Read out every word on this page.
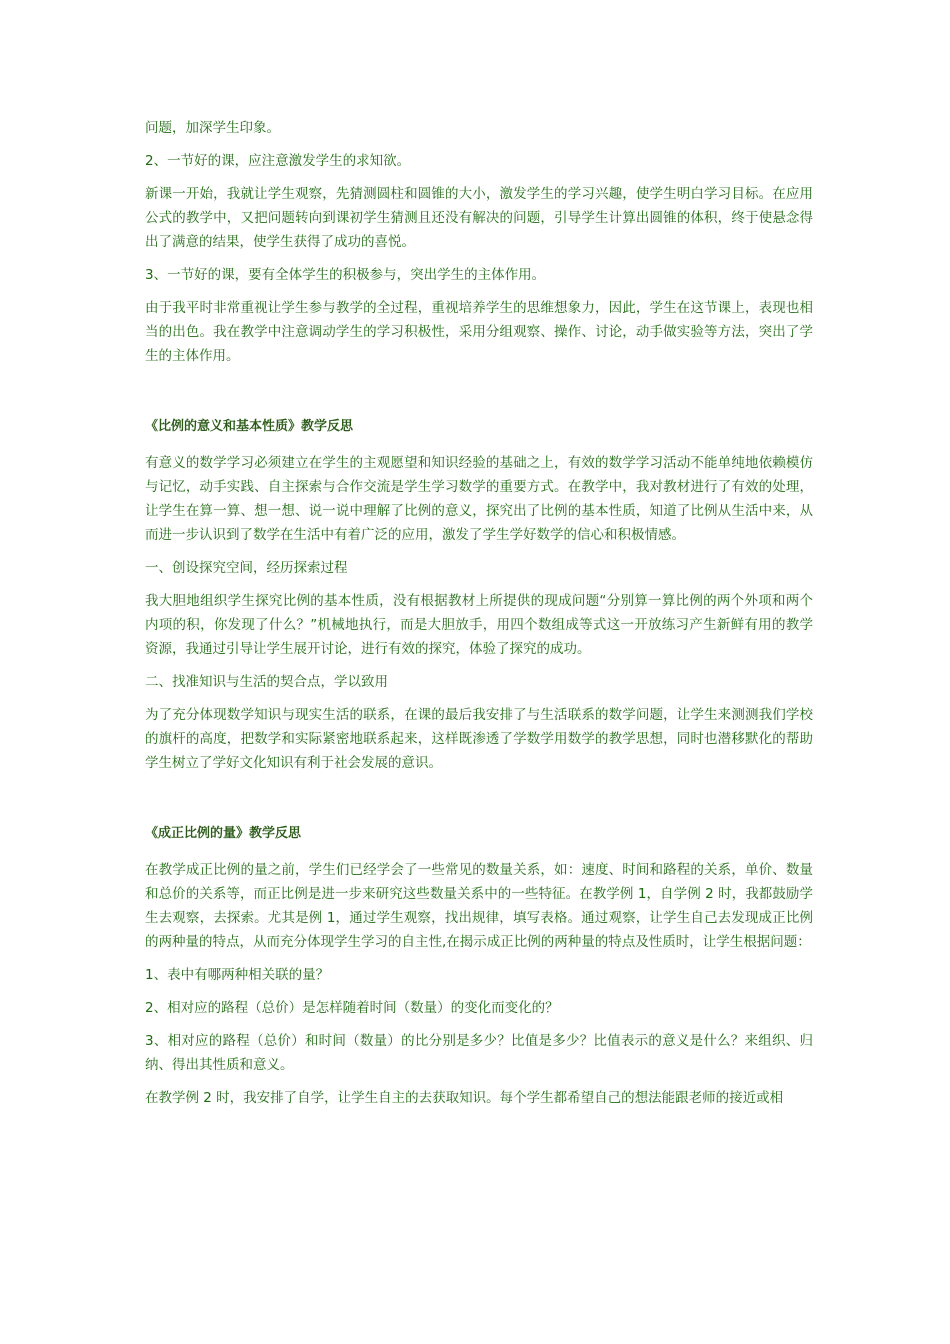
问题，加深学生印象。

2、一节好的课，应注意激发学生的求知欲。

新课一开始，我就让学生观察，先猜测圆柱和圆锥的大小，激发学生的学习兴趣，使学生明白学习目标。在应用公式的教学中，又把问题转向到课初学生猜测且还没有解决的问题，引导学生计算出圆锥的体积，终于使悬念得出了满意的结果，使学生获得了成功的喜悦。

3、一节好的课，要有全体学生的积极参与，突出学生的主体作用。

由于我平时非常重视让学生参与教学的全过程，重视培养学生的思维想象力，因此，学生在这节课上，表现也相当的出色。我在教学中注意调动学生的学习积极性，采用分组观察、操作、讨论，动手做实验等方法，突出了学生的主体作用。

《比例的意义和基本性质》教学反思

有意义的数学学习必须建立在学生的主观愿望和知识经验的基础之上，有效的数学学习活动不能单纯地依赖模仿与记忆，动手实践、自主探索与合作交流是学生学习数学的重要方式。在教学中，我对教材进行了有效的处理，让学生在算一算、想一想、说一说中理解了比例的意义，探究出了比例的基本性质，知道了比例从生活中来，从而进一步认识到了数学在生活中有着广泛的应用，激发了学生学好数学的信心和积极情感。

一、创设探究空间，经历探索过程

我大胆地组织学生探究比例的基本性质，没有根据教材上所提供的现成问题“分别算一算比例的两个外项和两个内项的积，你发现了什么？”机械地执行，而是大胆放手，用四个数组成等式这一开放练习产生新鲜有用的教学资源，我通过引导让学生展开讨论，进行有效的探究，体验了探究的成功。

二、找准知识与生活的契合点，学以致用

为了充分体现数学知识与现实生活的联系，在课的最后我安排了与生活联系的数学问题，让学生来测测我们学校的旗杆的高度，把数学和实际紧密地联系起来，这样既渗透了学数学用数学的教学思想，同时也潜移默化的帮助学生树立了学好文化知识有利于社会发展的意识。

《成正比例的量》教学反思

在教学成正比例的量之前，学生们已经学会了一些常见的数量关系，如：速度、时间和路程的关系，单价、数量和总价的关系等，而正比例是进一步来研究这些数量关系中的一些特征。在教学例 1，自学例 2 时，我都鼓励学生去观察，去探索。尤其是例 1，通过学生观察，找出规律，填写表格。通过观察，让学生自己去发现成正比例的两种量的特点，从而充分体现学生学习的自主性,在揭示成正比例的两种量的特点及性质时，让学生根据问题：

1、表中有哪两种相关联的量？

2、相对应的路程（总价）是怎样随着时间（数量）的变化而变化的？

3、相对应的路程（总价）和时间（数量）的比分别是多少？比值是多少？比值表示的意义是什么？来组织、归纳、得出其性质和意义。

在教学例 2 时，我安排了自学，让学生自主的去获取知识。每个学生都希望自己的想法能跟老师的接近或相
